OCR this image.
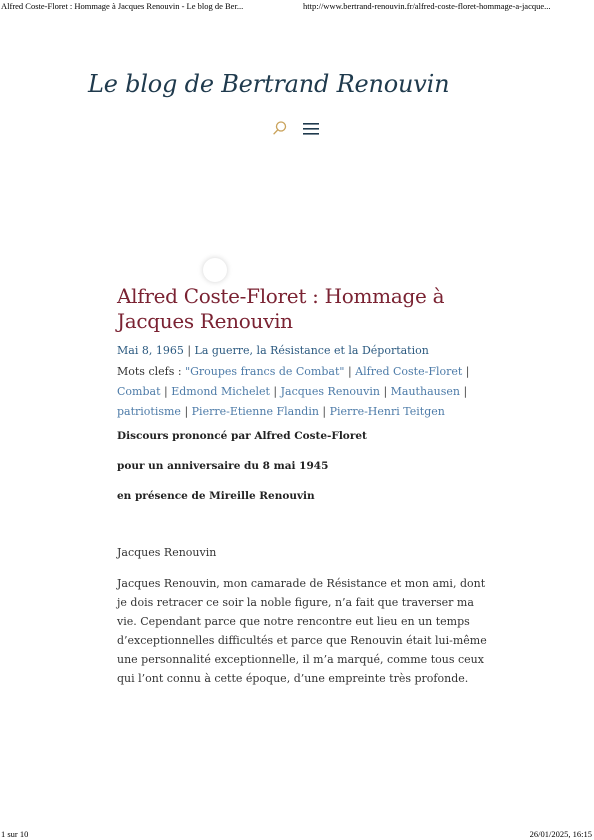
Alfred Coste-Floret : Hommage à Jacques Renouvin - Le blog de Ber...	http://www.bertrand-renouvin.fr/alfred-coste-floret-hommage-a-jacque...
Le blog de Bertrand Renouvin
Alfred Coste-Floret : Hommage à Jacques Renouvin
Mai 8, 1965 | La guerre, la Résistance et la Déportation
Mots clefs : "Groupes francs de Combat" | Alfred Coste-Floret | Combat | Edmond Michelet | Jacques Renouvin | Mauthausen | patriotisme | Pierre-Etienne Flandin | Pierre-Henri Teitgen

Discours prononcé par Alfred Coste-Floret

pour un anniversaire du 8 mai 1945

en présence de Mireille Renouvin

Jacques Renouvin
Jacques Renouvin, mon camarade de Résistance et mon ami, dont je dois retracer ce soir la noble figure, n’a fait que traverser ma vie. Cependant parce que notre rencontre eut lieu en un temps d’exceptionnelles difficultés et parce que Renouvin était lui-même une personnalité exceptionnelle, il m’a marqué, comme tous ceux qui l’ont connu à cette époque, d’une empreinte très profonde.
1 sur 10	26/01/2025, 16:15
